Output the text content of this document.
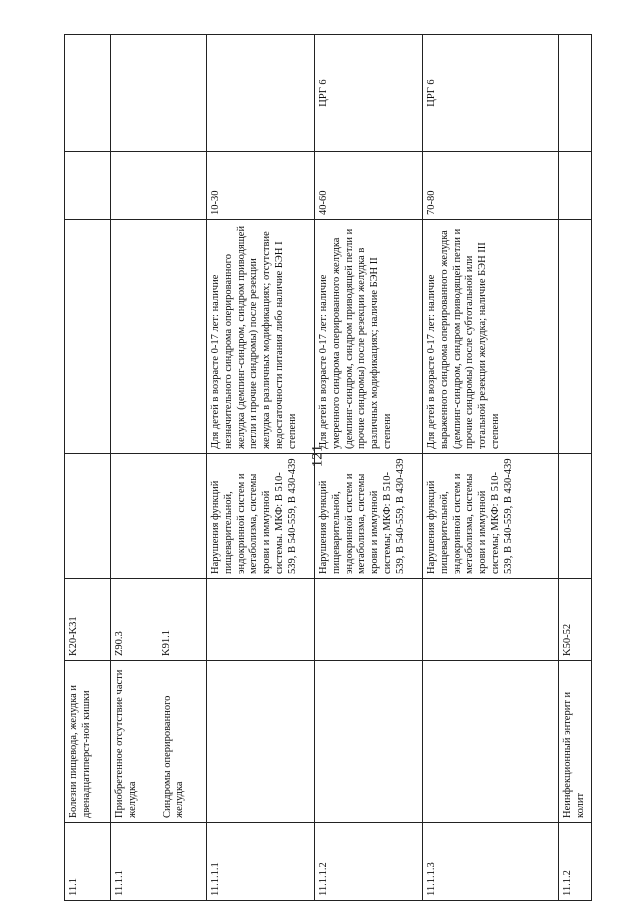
121
11.1	Болезни пищевода, желудка и двенадцатиперст-ной кишки	K20-K31				
11.1.1	Приобретенное отсутствие части желудка Синдромы оперированного желудка	Z90.3 K91.1				

11.1.1.1			Нарушения функций пищеварительной, эндокринной систем и метаболизма, системы крови и иммунной системы. МКФ: В 510-539, В 540-559, В 430-439	Для детей в возрасте 0-17 лет: наличие незначительного синдрома оперированного желудка (демпинг-синдром, синдром приводящей петли и прочие синдромы) после резекции желудка в различных модификациях; отсутствие недостаточности питания либо наличие БЭН I степени	10-30	
11.1.1.2			Нарушения функций пищеварительной, эндокринной систем и метаболизма, системы крови и иммунной системы; МКФ: В 510-539, В 540-559, В 430-439	Для детей в возрасте 0-17 лет: наличие умеренного синдрома оперированного желудка (демпинг-синдром, синдром приводящей петли и прочие синдромы) после резекции желудка в различных модификациях; наличие БЭН II степени	40-60	ЦРГ 6
11.1.1.3			Нарушения функций пищеварительной, эндокринной систем и метаболизма, системы крови и иммунной системы; МКФ: В 510-539, В 540-559, В 430-439	Для детей в возрасте 0-17 лет: наличие выраженного синдрома оперированного желудка (демпинг-синдром, синдром приводящей петли и прочие синдромы) после субтотальной или тотальной резекции желудка; наличие БЭН III степени	70-80	ЦРГ 6
11.1.2	Неинфекционный энтерит и колит	K50-52				
